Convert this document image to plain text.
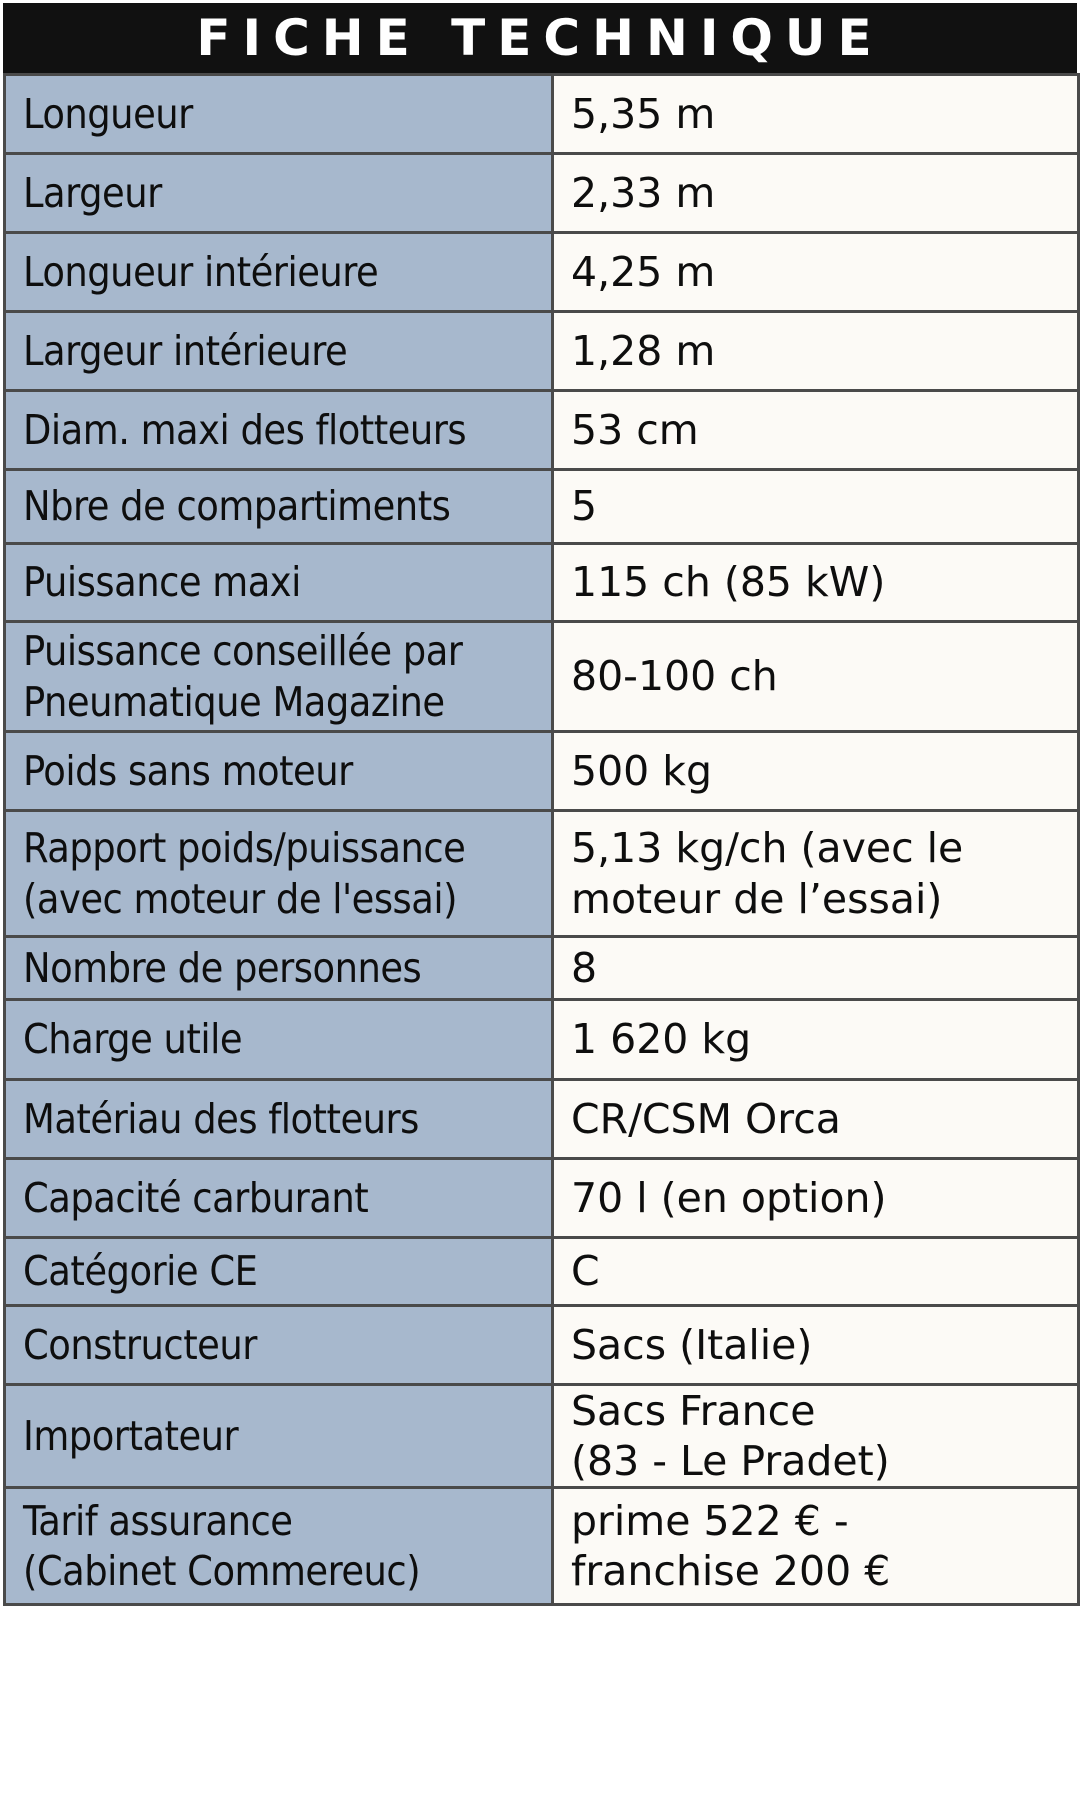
FICHE TECHNIQUE
Longueur	5,35 m

Largeur	2,33 m

Longueur intérieure	4,25 m

Largeur intérieure	1,28 m

Diam. maxi des flotteurs	53 cm

Nbre de compartiments	5

Puissance maxi	115 ch (85 kW)

Puissance conseillée par
Pneumatique Magazine	80-100 ch

Poids sans moteur	500 kg

Rapport poids/puissance
(avec moteur de l'essai)	5,13 kg/ch (avec le
moteur de l’essai)

Nombre de personnes	8

Charge utile	1 620 kg

Matériau des flotteurs	CR/CSM Orca

Capacité carburant	70 l (en option)

Catégorie CE	C

Constructeur	Sacs (Italie)

Importateur	Sacs France
(83 - Le Pradet)

Tarif assurance
(Cabinet Commereuc)	prime 522 € -
franchise 200 €
